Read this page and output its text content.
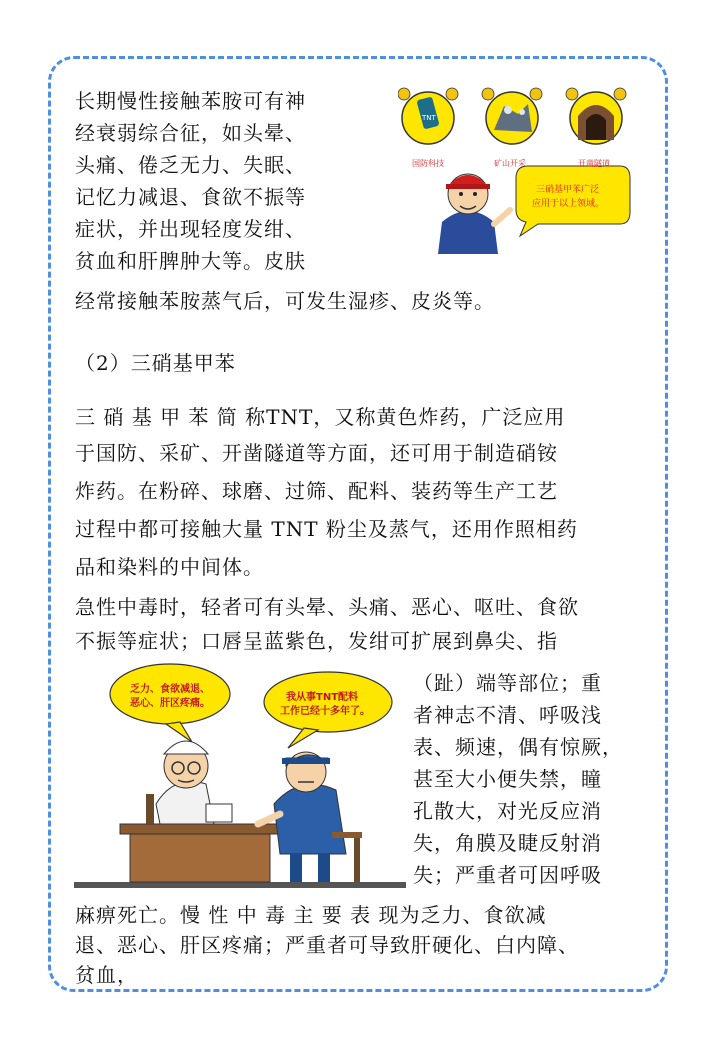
长期慢性接触苯胺可有神
经衰弱综合征，如头晕、
头痛、倦乏无力、失眠、
记忆力减退、食欲不振等
症状，并出现轻度发绀、
贫血和肝脾肿大等。皮肤
经常接触苯胺蒸气后，可发生湿疹、皮炎等。
TNT
国防科技	矿山开采	开凿隧道
三硝基甲苯广泛
应用于以上领域。
（2）三硝基甲苯
三 硝 基 甲 苯 简 称TNT，又称黄色炸药，广泛应用
于国防、采矿、开凿隧道等方面，还可用于制造硝铵
炸药。在粉碎、球磨、过筛、配料、装药等生产工艺
过程中都可接触大量 TNT 粉尘及蒸气，还用作照相药
品和染料的中间体。
急性中毒时，轻者可有头晕、头痛、恶心、呕吐、食欲
不振等症状；口唇呈蓝紫色，发绀可扩展到鼻尖、指
（趾）端等部位；重
者神志不清、呼吸浅
表、频速，偶有惊厥，
甚至大小便失禁，瞳
孔散大，对光反应消
失，角膜及睫反射消
失；严重者可因呼吸
麻痹死亡。慢 性 中 毒 主 要 表 现为乏力、食欲减
退、恶心、肝区疼痛；严重者可导致肝硬化、白内障、
贫血，
乏力、食欲减退、
恶心、肝区疼痛。
我从事TNT配料
工作已经十多年了。
